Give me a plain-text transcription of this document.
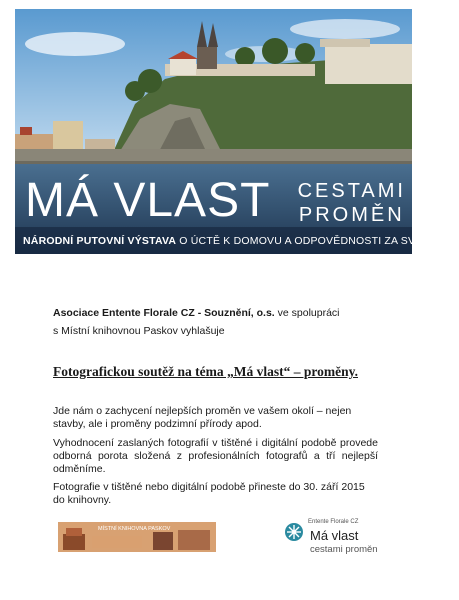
MÁ VLAST CESTAMI
PROMĚN
NÁRODNÍ PUTOVNÍ VÝSTAVA O ÚCTĚ K DOMOVU A ODPOVĚDNOSTI ZA SVŮJ KRAJ
Asociace Entente Florale CZ - Souznění, o.s. ve spolupráci
s Místní knihovnou Paskov vyhlašuje
Fotografickou soutěž na téma „Má vlast“ – proměny.
Jde nám o zachycení nejlepších proměn ve vašem okolí – nejen stavby, ale i proměny podzimní přírody apod.
Vyhodnocení zaslaných fotografií v tištěné i digitální podobě provede odborná porota složená z profesionálních fotografů a tří nejlepší odměníme.
Fotografie v tištěné nebo digitální podobě přineste do 30. září 2015 do knihovny.
MÍSTNÍ KNIHOVNA PASKOV
Entente Florale CZ
Má vlast
cestami proměn
